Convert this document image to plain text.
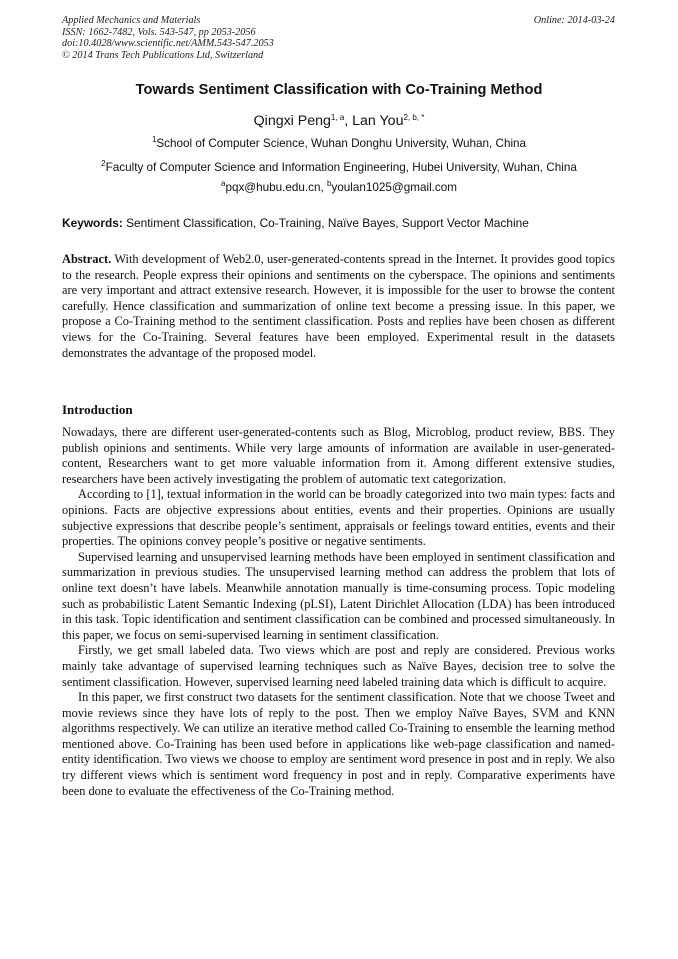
Applied Mechanics and Materials
ISSN: 1662-7482, Vols. 543-547, pp 2053-2056
doi:10.4028/www.scientific.net/AMM.543-547.2053
© 2014 Trans Tech Publications Ltd, Switzerland
Online: 2014-03-24
Towards Sentiment Classification with Co-Training Method
Qingxi Peng$^{1, a}$, Lan You$^{2, b, *}$
$^1$School of Computer Science, Wuhan Donghu University, Wuhan, China
$^2$Faculty of Computer Science and Information Engineering, Hubei University, Wuhan, China
$^a$pqx@hubu.edu.cn, $^b$youlan1025@gmail.com
Keywords: Sentiment Classification, Co-Training, Naïve Bayes, Support Vector Machine
Abstract. With development of Web2.0, user-generated-contents spread in the Internet. It provides good topics to the research. People express their opinions and sentiments on the cyberspace. The opinions and sentiments are very important and attract extensive research. However, it is impossible for the user to browse the content carefully. Hence classification and summarization of online text become a pressing issue. In this paper, we propose a Co-Training method to the sentiment classification. Posts and replies have been chosen as different views for the Co-Training. Several features have been employed. Experimental result in the datasets demonstrates the advantage of the proposed model.
Introduction

Nowadays, there are different user-generated-contents such as Blog, Microblog, product review, BBS. They publish opinions and sentiments. While very large amounts of information are available in user-generated-content, Researchers want to get more valuable information from it. Among different extensive studies, researchers have been actively investigating the problem of automatic text categorization.

According to [1], textual information in the world can be broadly categorized into two main types: facts and opinions. Facts are objective expressions about entities, events and their properties. Opinions are usually subjective expressions that describe people’s sentiment, appraisals or feelings toward entities, events and their properties. The opinions convey people’s positive or negative sentiments.

Supervised learning and unsupervised learning methods have been employed in sentiment classification and summarization in previous studies. The unsupervised learning method can address the problem that lots of online text doesn’t have labels. Meanwhile annotation manually is time-consuming process. Topic modeling such as probabilistic Latent Semantic Indexing (pLSI), Latent Dirichlet Allocation (LDA) has been introduced in this task. Topic identification and sentiment classification can be combined and processed simultaneously. In this paper, we focus on semi-supervised learning in sentiment classification.

Firstly, we get small labeled data. Two views which are post and reply are considered. Previous works mainly take advantage of supervised learning techniques such as Naïve Bayes, decision tree to solve the sentiment classification. However, supervised learning need labeled training data which is difficult to acquire.

In this paper, we first construct two datasets for the sentiment classification. Note that we choose Tweet and movie reviews since they have lots of reply to the post. Then we employ Naïve Bayes, SVM and KNN algorithms respectively. We can utilize an iterative method called Co-Training to ensemble the learning method mentioned above. Co-Training has been used before in applications like web-page classification and named- entity identification. Two views we choose to employ are sentiment word presence in post and in reply. We also try different views which is sentiment word frequency in post and in reply. Comparative experiments have been done to evaluate the effectiveness of the Co-Training method.
